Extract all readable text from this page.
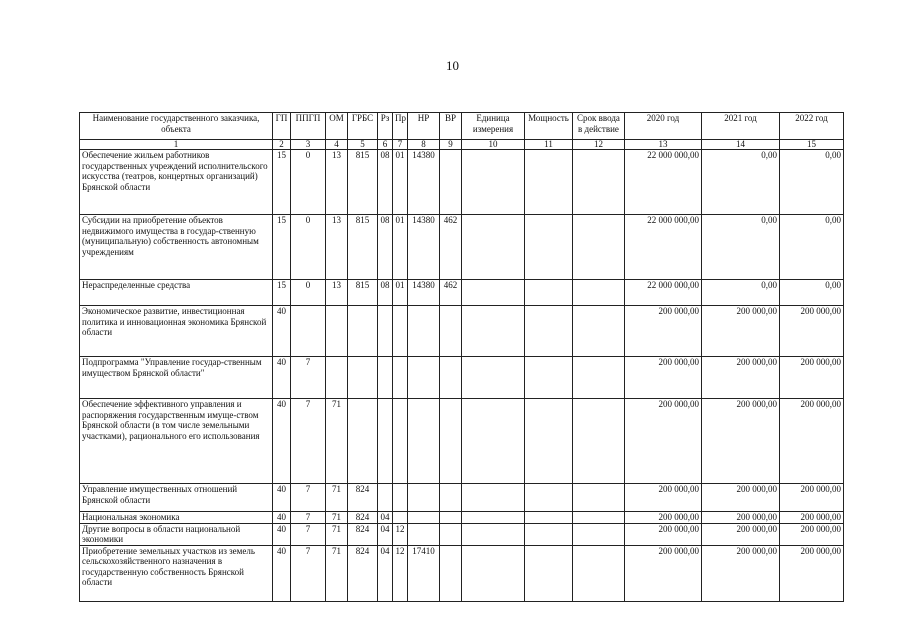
10
Наименование государственного заказчика, объекта	ГП	ППГП	ОМ	ГРБС	Рз	Пр	НР	ВР	Единица измерения	Мощность	Срок ввода в действие	2020 год	2021 год	2022 год
1	2	3	4	5	6	7	8	9	10	11	12	13	14	15
Обеспечение жильем работников государственных учреждений исполнительского искусства (театров, концертных организаций) Брянской области	15	0	13	815	08	01	14380					22 000 000,00	0,00	0,00
Субсидии на приобретение объектов недвижимого имущества в государ-ственную (муниципальную) собственность автономным учреждениям	15	0	13	815	08	01	14380	462				22 000 000,00	0,00	0,00
Нераспределенные средства	15	0	13	815	08	01	14380	462				22 000 000,00	0,00	0,00
Экономическое развитие, инвестиционная политика и инновационная экономика Брянской области	40											200 000,00	200 000,00	200 000,00
Подпрограмма "Управление государ-ственным имуществом Брянской области"	40	7										200 000,00	200 000,00	200 000,00
Обеспечение эффективного управления и распоряжения государственным имуще-ством Брянской области (в том числе земельными участками), рационального его использования	40	7	71									200 000,00	200 000,00	200 000,00
Управление имущественных отношений Брянской области	40	7	71	824								200 000,00	200 000,00	200 000,00
Национальная экономика	40	7	71	824	04							200 000,00	200 000,00	200 000,00
Другие вопросы в области национальной экономики	40	7	71	824	04	12						200 000,00	200 000,00	200 000,00
Приобретение земельных участков из земель сельскохозяйственного назначения в государственную собственность Брянской области	40	7	71	824	04	12	17410					200 000,00	200 000,00	200 000,00
